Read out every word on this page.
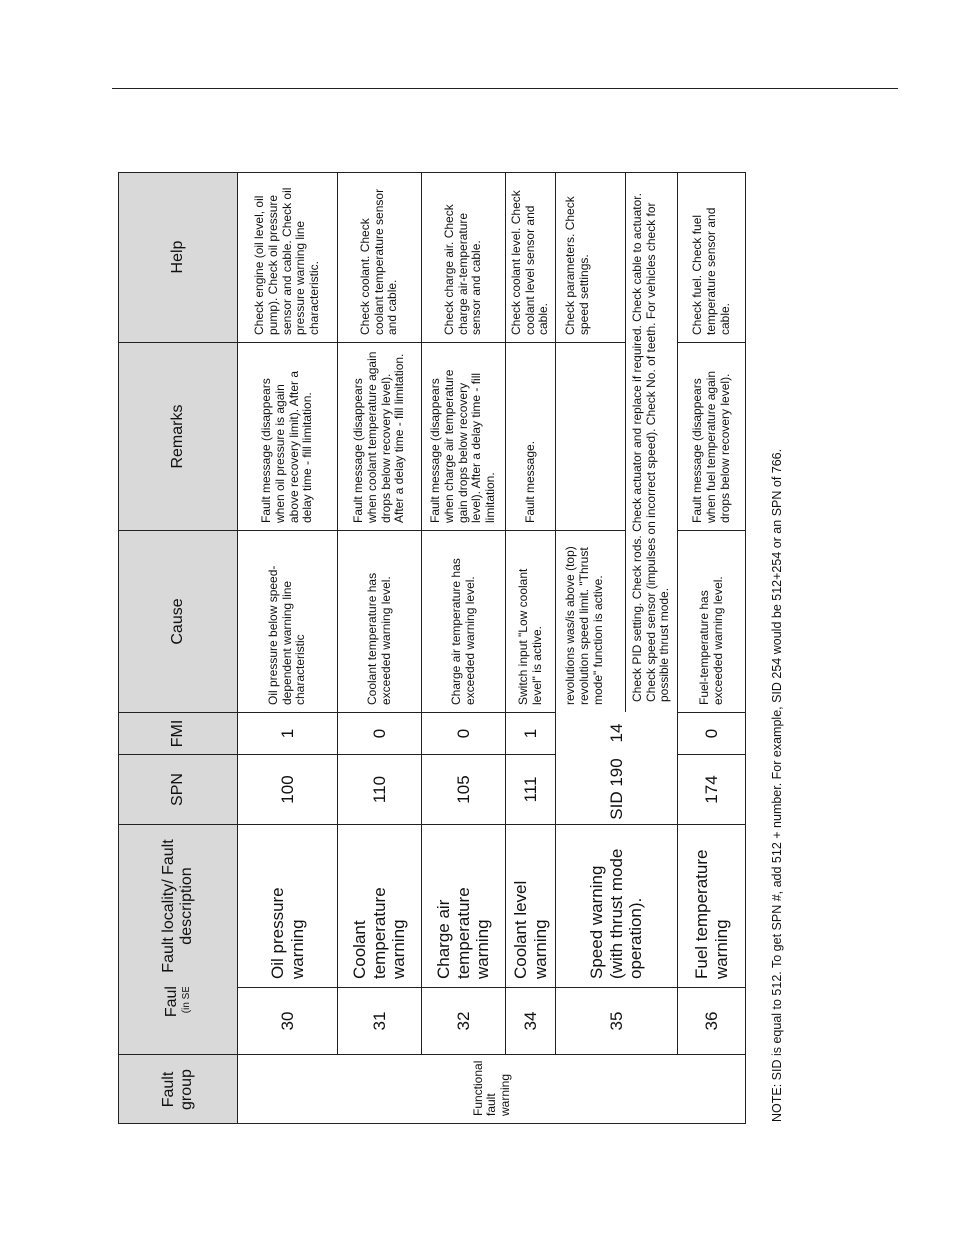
Fault group
Fault locality/ Fault description
SPN
FMI
Cause
Remarks
Help
Functional fault warning
30
Oil pressure warning
100
1
Oil pressure below speed-dependent warning line characteristic
Fault message (disappears when oil pressure is again above recovery limit). After a delay time - fill limitation.
Check engine (oil level, oil pump). Check oil pressure sensor and cable. Check oil pressure warning line characteristic.
31
Coolant temperature warning
110
0
Coolant temperature has exceeded warning level.
Fault message (disappears when coolant temperature again drops below recovery level). After a delay time - fill limitation.
Check coolant. Check coolant temperature sensor and cable.
32
Charge air temperature warning
105
0
Charge air temperature has exceeded warning level.
Fault message (disappears when charge air temperature gain drops below recovery level). After a delay time - fill limitation.
Check charge air. Check charge air-temperature sensor and cable.
34
Coolant level warning
111
1
Switch input "Low coolant level" is active.
Fault message.
Check coolant level. Check coolant level sensor and cable.
35
Speed warning (with thrust mode operation).
SID 190
14
revolutions was/is above (top) revolution speed limit. "Thrust mode" function is active.
Check parameters. Check speed settings.	Check PID setting. Check rods. Check actuator and replace if required. Check cable to actuator. Check speed sensor (impulses on incorrect speed). Check No. of teeth. For vehicles check for possible thrust mode.
36
Fuel temperature warning
174
0
Fuel-temperature has exceeded warning level.
Fault message (disappears when fuel temperature again drops below recovery level).
Check fuel. Check fuel temperature sensor and cable.
NOTE: SID is equal to 512. To get SPN #, add 512 + number. For example, SID 254 would be 512+254 or an SPN of 766.
